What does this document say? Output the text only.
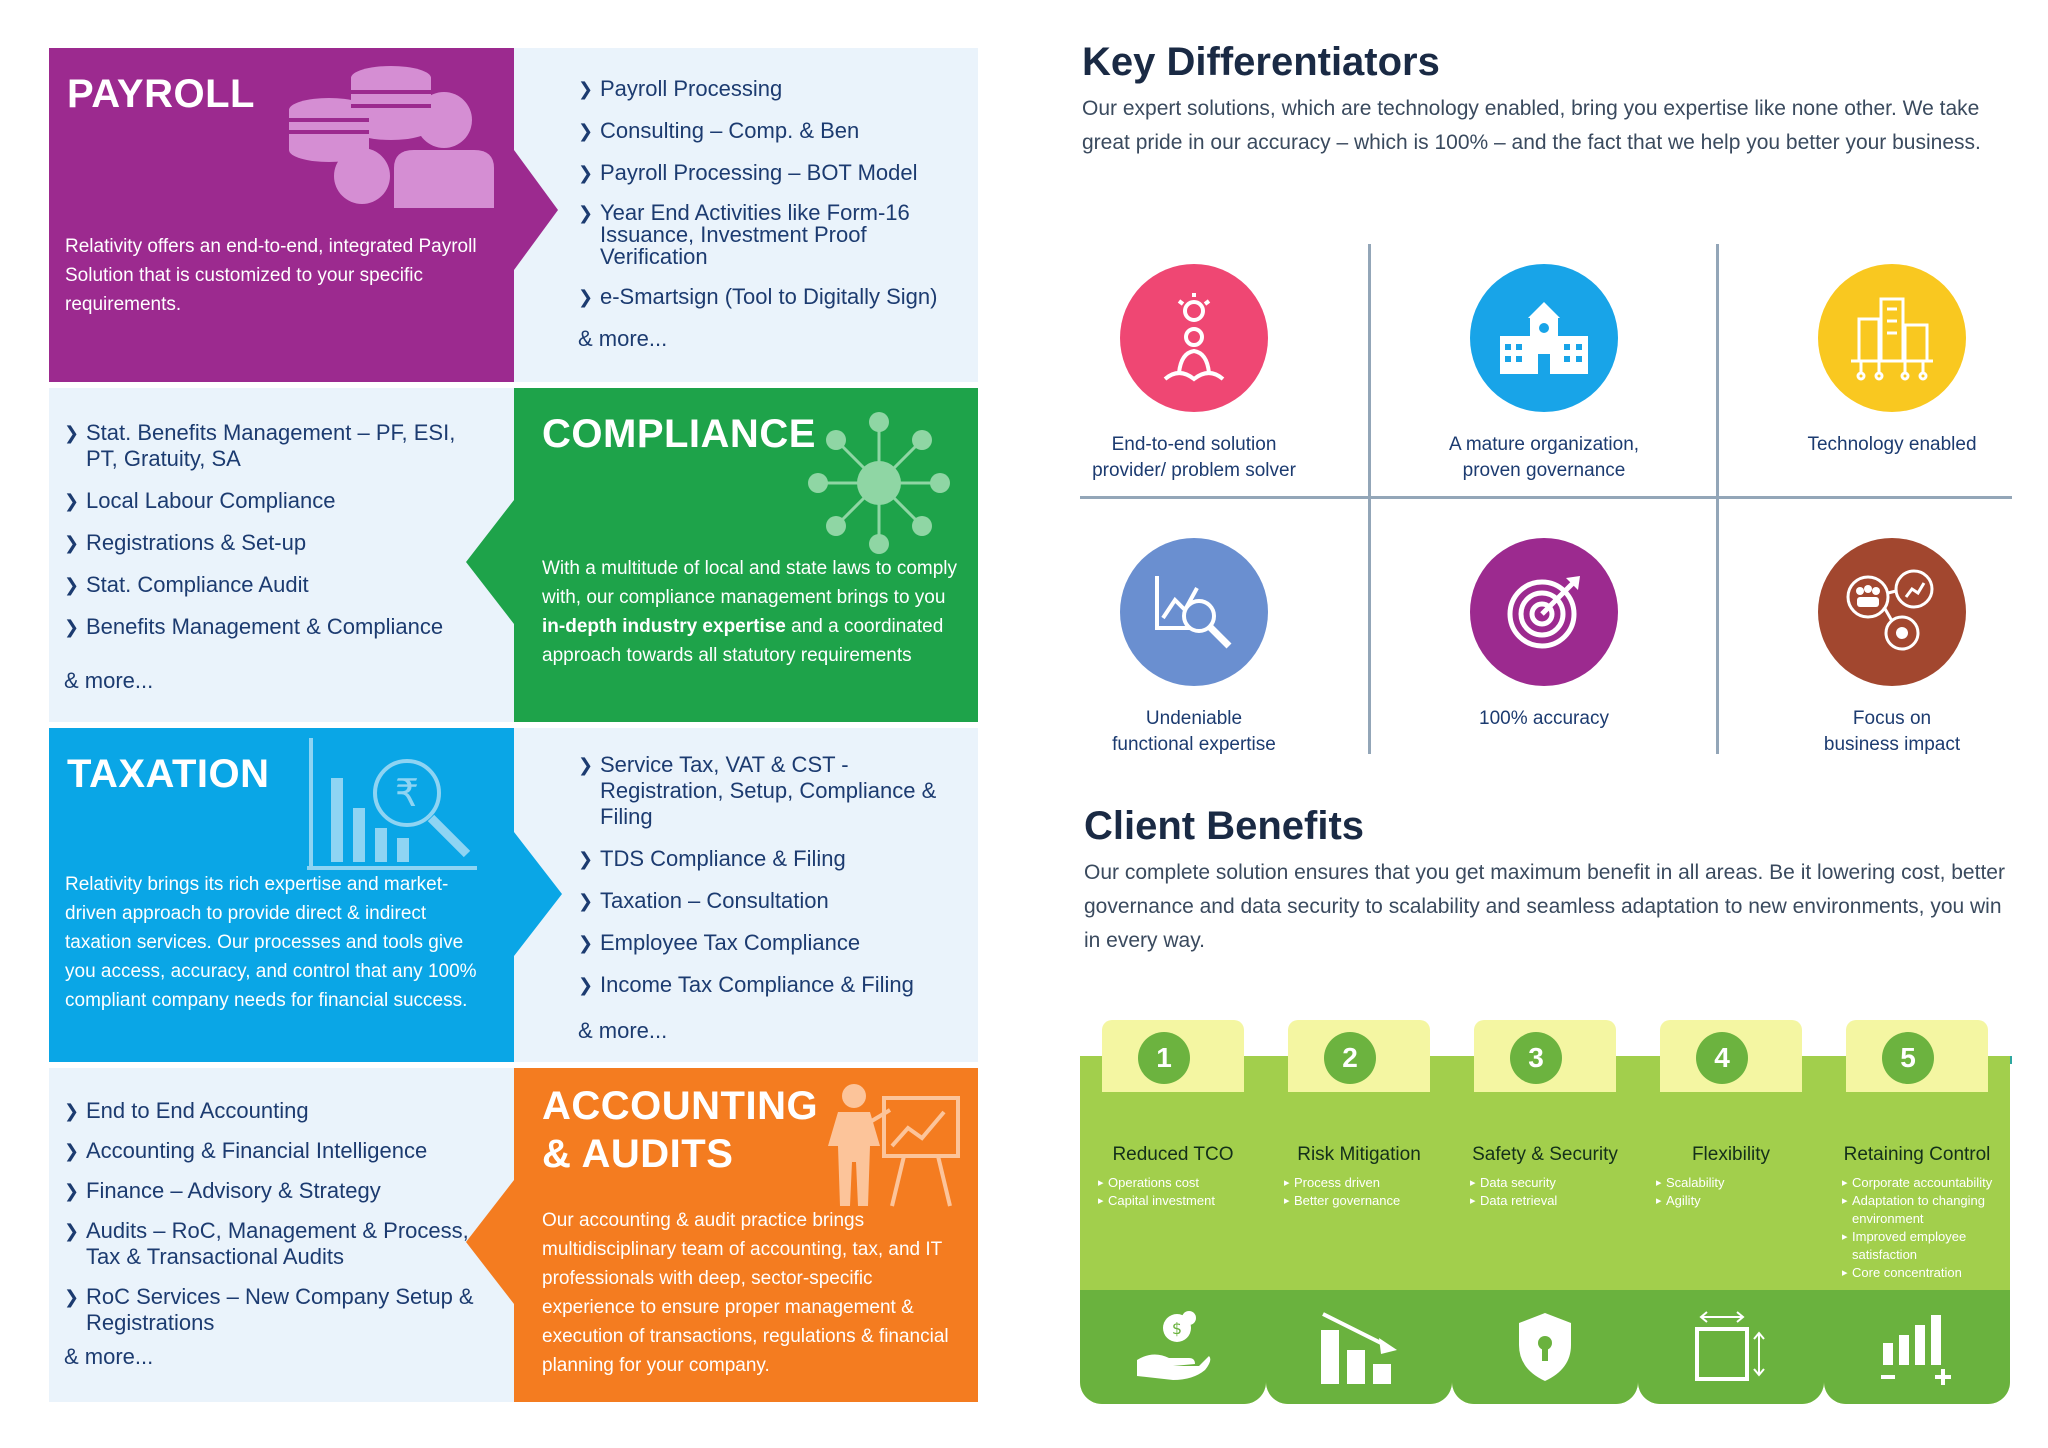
PAYROLL
Relativity offers an end-to-end, integrated Payroll Solution that is customized to your specific requirements.
❯ Payroll Processing
❯ Consulting – Comp. & Ben
❯ Payroll Processing – BOT Model
❯ Year End Activities like Form-16 Issuance, Investment Proof Verification
❯ e-Smartsign (Tool to Digitally Sign)
& more...
❯ Stat. Benefits Management – PF, ESI, PT, Gratuity, SA
❯ Local Labour Compliance
❯ Registrations & Set-up
❯ Stat. Compliance Audit
❯ Benefits Management & Compliance
& more...
COMPLIANCE
With a multitude of local and state laws to comply with, our compliance management brings to you in-depth industry expertise and a coordinated approach towards all statutory requirements
TAXATION	₹
Relativity brings its rich expertise and market-driven approach to provide direct & indirect taxation services. Our processes and tools give you access, accuracy, and control that any 100% compliant company needs for financial success.
❯ Service Tax, VAT & CST - Registration, Setup, Compliance & Filing
❯ TDS Compliance & Filing
❯ Taxation – Consultation
❯ Employee Tax Compliance
❯ Income Tax Compliance & Filing
& more...
❯ End to End Accounting
❯ Accounting & Financial Intelligence
❯ Finance – Advisory & Strategy
❯ Audits – RoC, Management & Process, Tax & Transactional Audits
❯ RoC Services – New Company Setup & Registrations
& more...
ACCOUNTING
& AUDITS
Our accounting & audit practice brings multidisciplinary team of accounting, tax, and IT professionals with deep, sector-specific experience to ensure proper management & execution of transactions, regulations & financial planning for your company.
Key Differentiators
Our expert solutions, which are technology enabled, bring you expertise like none other. We take great pride in our accuracy – which is 100% – and the fact that we help you better your business.
End-to-end solution
provider/ problem solver
A mature organization,
proven governance
Technology enabled
Undeniable
functional expertise
100% accuracy	Focus on
business impact
Client Benefits
Our complete solution ensures that you get maximum benefit in all areas. Be it lowering cost, better governance and data security to scalability and seamless adaptation to new environments, you win in every way.
Reduced TCO
▸ Operations cost
▸ Capital investment
$
1
Risk Mitigation
▸ Process driven
▸ Better governance
2
Safety & Security
▸ Data security
▸ Data retrieval
3
Flexibility
▸ Scalability
▸ Agility
4
Retaining Control
▸ Corporate accountability
▸ Adaptation to changing environment
▸ Improved employee satisfaction
▸ Core concentration
5
